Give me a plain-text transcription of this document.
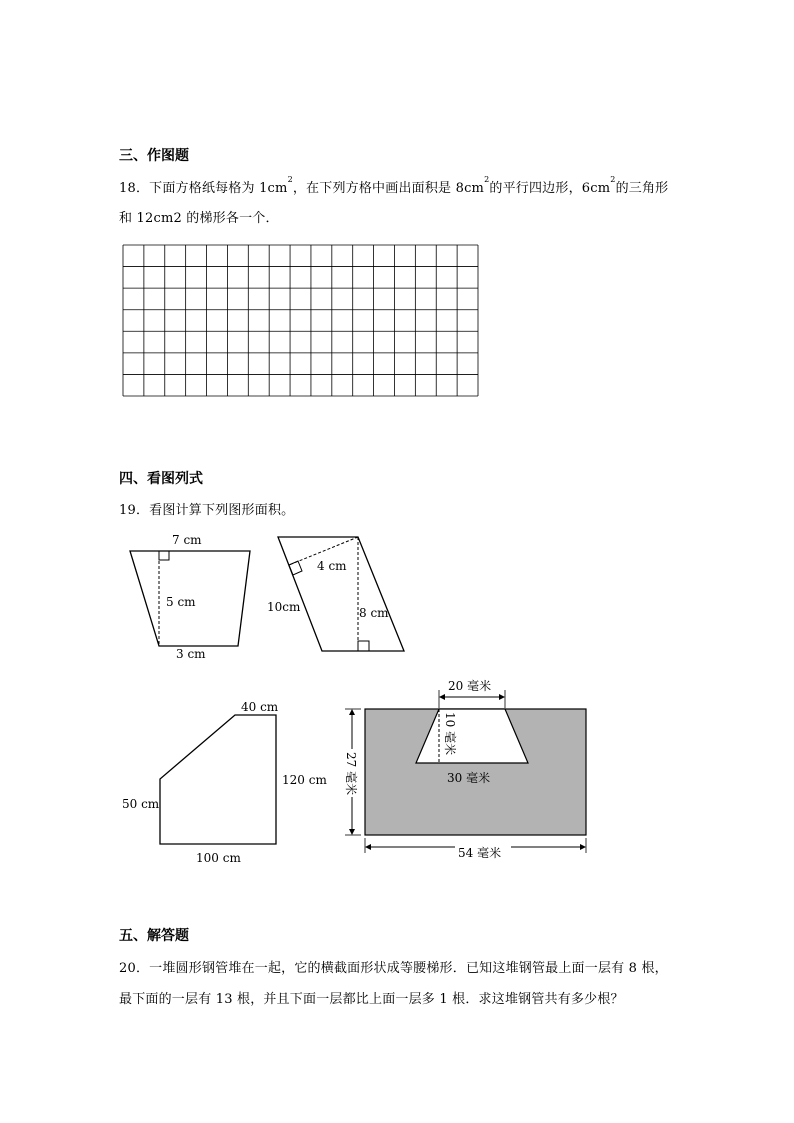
三、作图题
18．下面方格纸每格为 $1cm^2$，在下列方格中画出面积是 $8cm^2$的平行四边形，$6cm^2$的三角形
和 12cm2 的梯形各一个．
四、看图列式
19．看图计算下列图形面积。
7 cm
5 cm
3 cm
4 cm
10cm	8 cm
40 cm
120 cm
50 cm
100 cm
20 毫米
10 毫米
30 毫米
27 毫米
54 毫米
五、解答题
20．一堆圆形钢管堆在一起，它的横截面形状成等腰梯形．已知这堆钢管最上面一层有 8 根，
最下面的一层有 13 根，并且下面一层都比上面一层多 1 根．求这堆钢管共有多少根？
